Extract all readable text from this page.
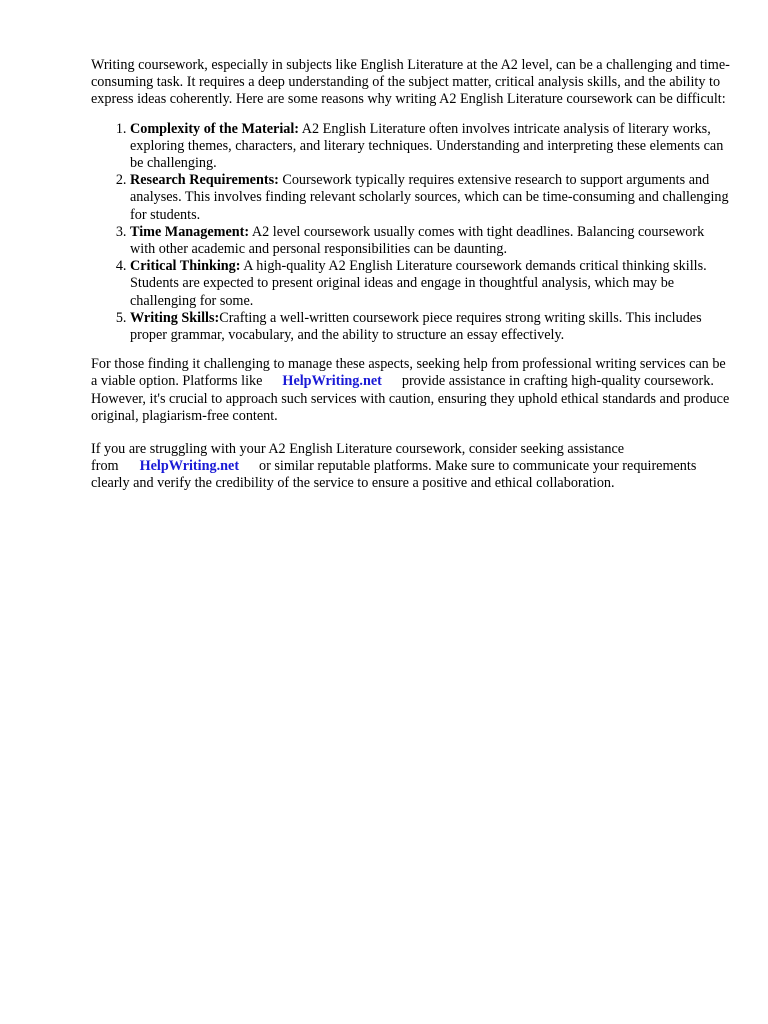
Writing coursework, especially in subjects like English Literature at the A2 level, can be a challenging and time-consuming task. It requires a deep understanding of the subject matter, critical analysis skills, and the ability to express ideas coherently. Here are some reasons why writing A2 English Literature coursework can be difficult:

1. Complexity of the Material: A2 English Literature often involves intricate analysis of literary works, exploring themes, characters, and literary techniques. Understanding and interpreting these elements can be challenging.
2. Research Requirements: Coursework typically requires extensive research to support arguments and analyses. This involves finding relevant scholarly sources, which can be time-consuming and challenging for students.
3. Time Management: A2 level coursework usually comes with tight deadlines. Balancing coursework with other academic and personal responsibilities can be daunting.
4. Critical Thinking: A high-quality A2 English Literature coursework demands critical thinking skills. Students are expected to present original ideas and engage in thoughtful analysis, which may be challenging for some.
5. Writing Skills:Crafting a well-written coursework piece requires strong writing skills. This includes proper grammar, vocabulary, and the ability to structure an essay effectively.

For those finding it challenging to manage these aspects, seeking help from professional writing services can be a viable option. Platforms like HelpWriting.net provide assistance in crafting high-quality coursework. However, it's crucial to approach such services with caution, ensuring they uphold ethical standards and produce original, plagiarism-free content.

If you are struggling with your A2 English Literature coursework, consider seeking assistance from HelpWriting.net or similar reputable platforms. Make sure to communicate your requirements clearly and verify the credibility of the service to ensure a positive and ethical collaboration.
